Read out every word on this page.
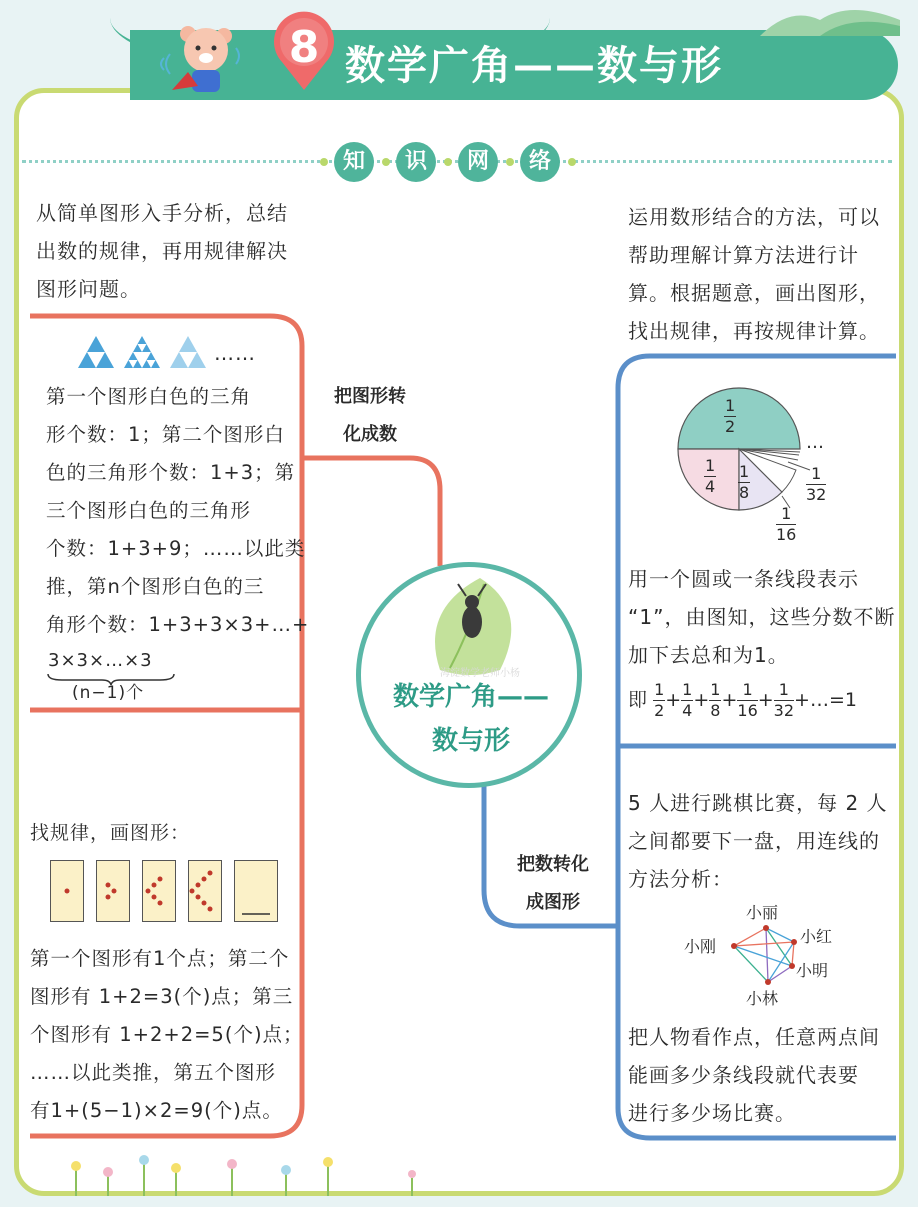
8 数学广角——数与形
知	识	网	络
海淀数学老师小杨
数学广角——
数与形
从简单图形入手分析，总结
出数的规律，再用规律解决
图形问题。
把图形转
化成数
……
第一个图形白色的三角
形个数：1；第二个图形白
色的三角形个数：1+3；第
三个图形白色的三角形
个数：1+3+9；……以此类
推，第n个图形白色的三
角形个数：1+3+3×3+…+
3×3×…×3
(n−1)个
找规律，画图形：
第一个图形有1个点；第二个
图形有 1+2=3(个)点；第三
个图形有 1+2+2=5(个)点；
……以此类推，第五个图形
有1+(5−1)×2=9(个)点。
运用数形结合的方法，可以
帮助理解计算方法进行计
算。根据题意，画出图形，
找出规律，再按规律计算。
把数转化
成图形
$\frac{1}{2}$
$\frac{1}{4} \frac{1}{8}$
$\frac{1}{16}$
$\frac{1}{32}$
…
用一个圆或一条线段表示
“1”，由图知，这些分数不断
加下去总和为1。
即 $\frac{1}{2} + \frac{1}{4} + \frac{1}{8} + \frac{1}{16} + \frac{1}{32}$ +…=1
5 人进行跳棋比赛，每 2 人
之间都要下一盘，用连线的
方法分析：
小丽
小红
小明
小林
小刚
把人物看作点，任意两点间
能画多少条线段就代表要
进行多少场比赛。
